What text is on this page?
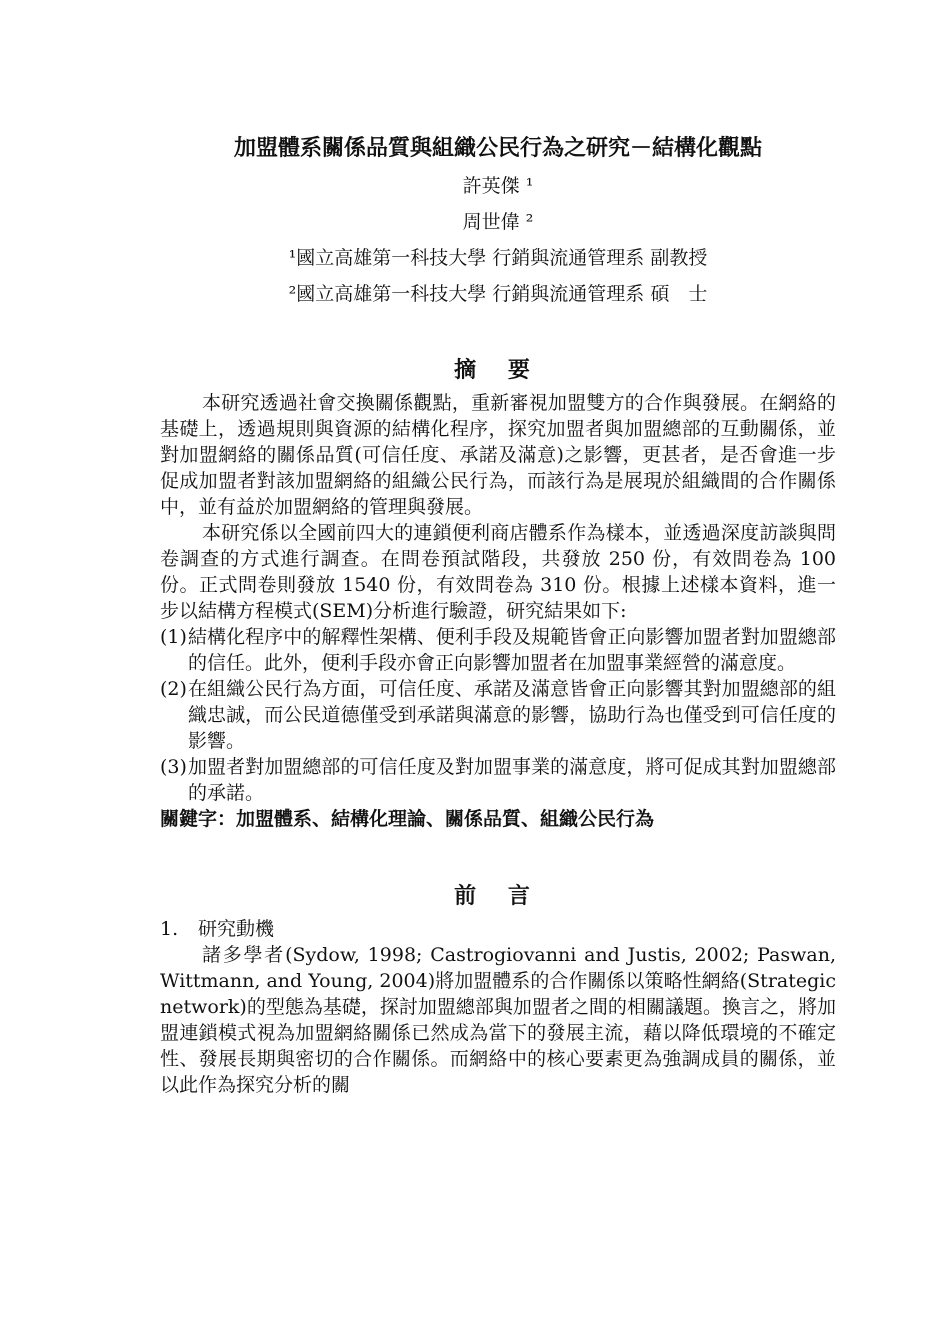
加盟體系關係品質與組織公民行為之研究－結構化觀點

許英傑 ¹

周世偉 ²

¹國立高雄第一科技大學 行銷與流通管理系 副教授

²國立高雄第一科技大學 行銷與流通管理系 碩　士

摘 要

本研究透過社會交換關係觀點，重新審視加盟雙方的合作與發展。在網絡的基礎上，透過規則與資源的結構化程序，探究加盟者與加盟總部的互動關係，並對加盟網絡的關係品質(可信任度、承諾及滿意)之影響，更甚者，是否會進一步促成加盟者對該加盟網絡的組織公民行為，而該行為是展現於組織間的合作關係中，並有益於加盟網絡的管理與發展。

本研究係以全國前四大的連鎖便利商店體系作為樣本，並透過深度訪談與問卷調查的方式進行調查。在問卷預試階段，共發放 250 份，有效問卷為 100 份。正式問卷則發放 1540 份，有效問卷為 310 份。根據上述樣本資料，進一步以結構方程模式(SEM)分析進行驗證，研究結果如下:

(1) 結構化程序中的解釋性架構、便利手段及規範皆會正向影響加盟者對加盟總部的信任。此外，便利手段亦會正向影響加盟者在加盟事業經營的滿意度。
(2) 在組織公民行為方面，可信任度、承諾及滿意皆會正向影響其對加盟總部的組織忠誠，而公民道德僅受到承諾與滿意的影響，協助行為也僅受到可信任度的影響。
(3) 加盟者對加盟總部的可信任度及對加盟事業的滿意度，將可促成其對加盟總部的承諾。

關鍵字：加盟體系、結構化理論、關係品質、組織公民行為

前 言

1. 研究動機

諸多學者(Sydow, 1998; Castrogiovanni and Justis, 2002; Paswan, Wittmann, and Young, 2004)將加盟體系的合作關係以策略性網絡(Strategic network)的型態為基礎，探討加盟總部與加盟者之間的相關議題。換言之，將加盟連鎖模式視為加盟網絡關係已然成為當下的發展主流，藉以降低環境的不確定性、發展長期與密切的合作關係。而網絡中的核心要素更為強調成員的關係，並以此作為探究分析的關
